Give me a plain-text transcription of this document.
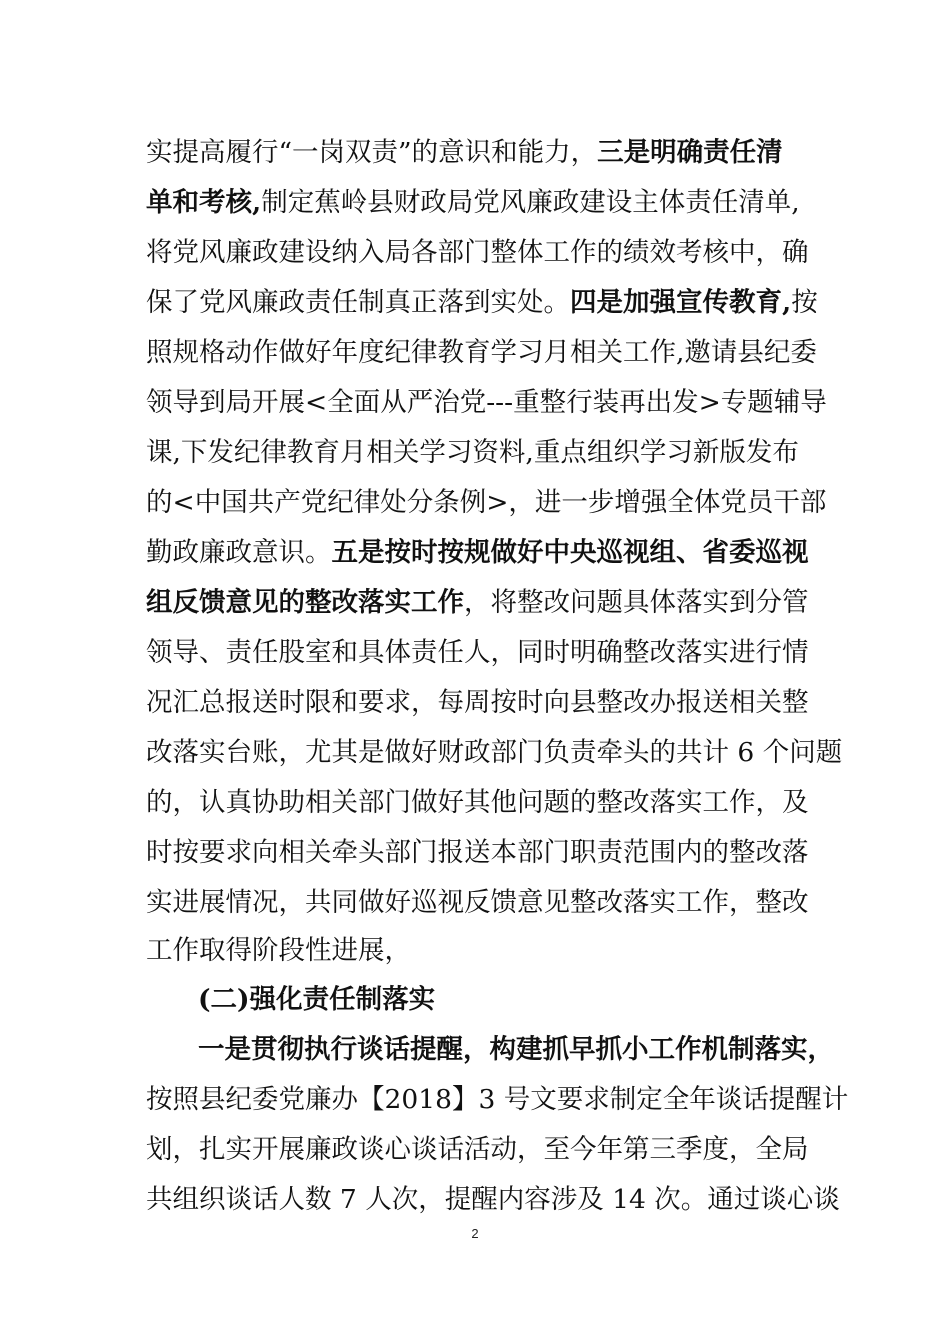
实提高履行“一岗双责”的意识和能力，三是明确责任清
单和考核,制定蕉岭县财政局党风廉政建设主体责任清单,
将党风廉政建设纳入局各部门整体工作的绩效考核中，确
保了党风廉政责任制真正落到实处。四是加强宣传教育,按
照规格动作做好年度纪律教育学习月相关工作,邀请县纪委
领导到局开展<全面从严治党---重整行装再出发>专题辅导
课,下发纪律教育月相关学习资料,重点组织学习新版发布
的<中国共产党纪律处分条例>，进一步增强全体党员干部
勤政廉政意识。五是按时按规做好中央巡视组、省委巡视
组反馈意见的整改落实工作，将整改问题具体落实到分管
领导、责任股室和具体责任人，同时明确整改落实进行情
况汇总报送时限和要求，每周按时向县整改办报送相关整
改落实台账，尤其是做好财政部门负责牵头的共计 6 个问题
的，认真协助相关部门做好其他问题的整改落实工作，及
时按要求向相关牵头部门报送本部门职责范围内的整改落
实进展情况，共同做好巡视反馈意见整改落实工作，整改
工作取得阶段性进展，
(二)强化责任制落实
一是贯彻执行谈话提醒，构建抓早抓小工作机制落实，
按照县纪委党廉办【2018】3 号文要求制定全年谈话提醒计
划，扎实开展廉政谈心谈话活动，至今年第三季度，全局
共组织谈话人数 7 人次，提醒内容涉及 14 次。通过谈心谈
2
